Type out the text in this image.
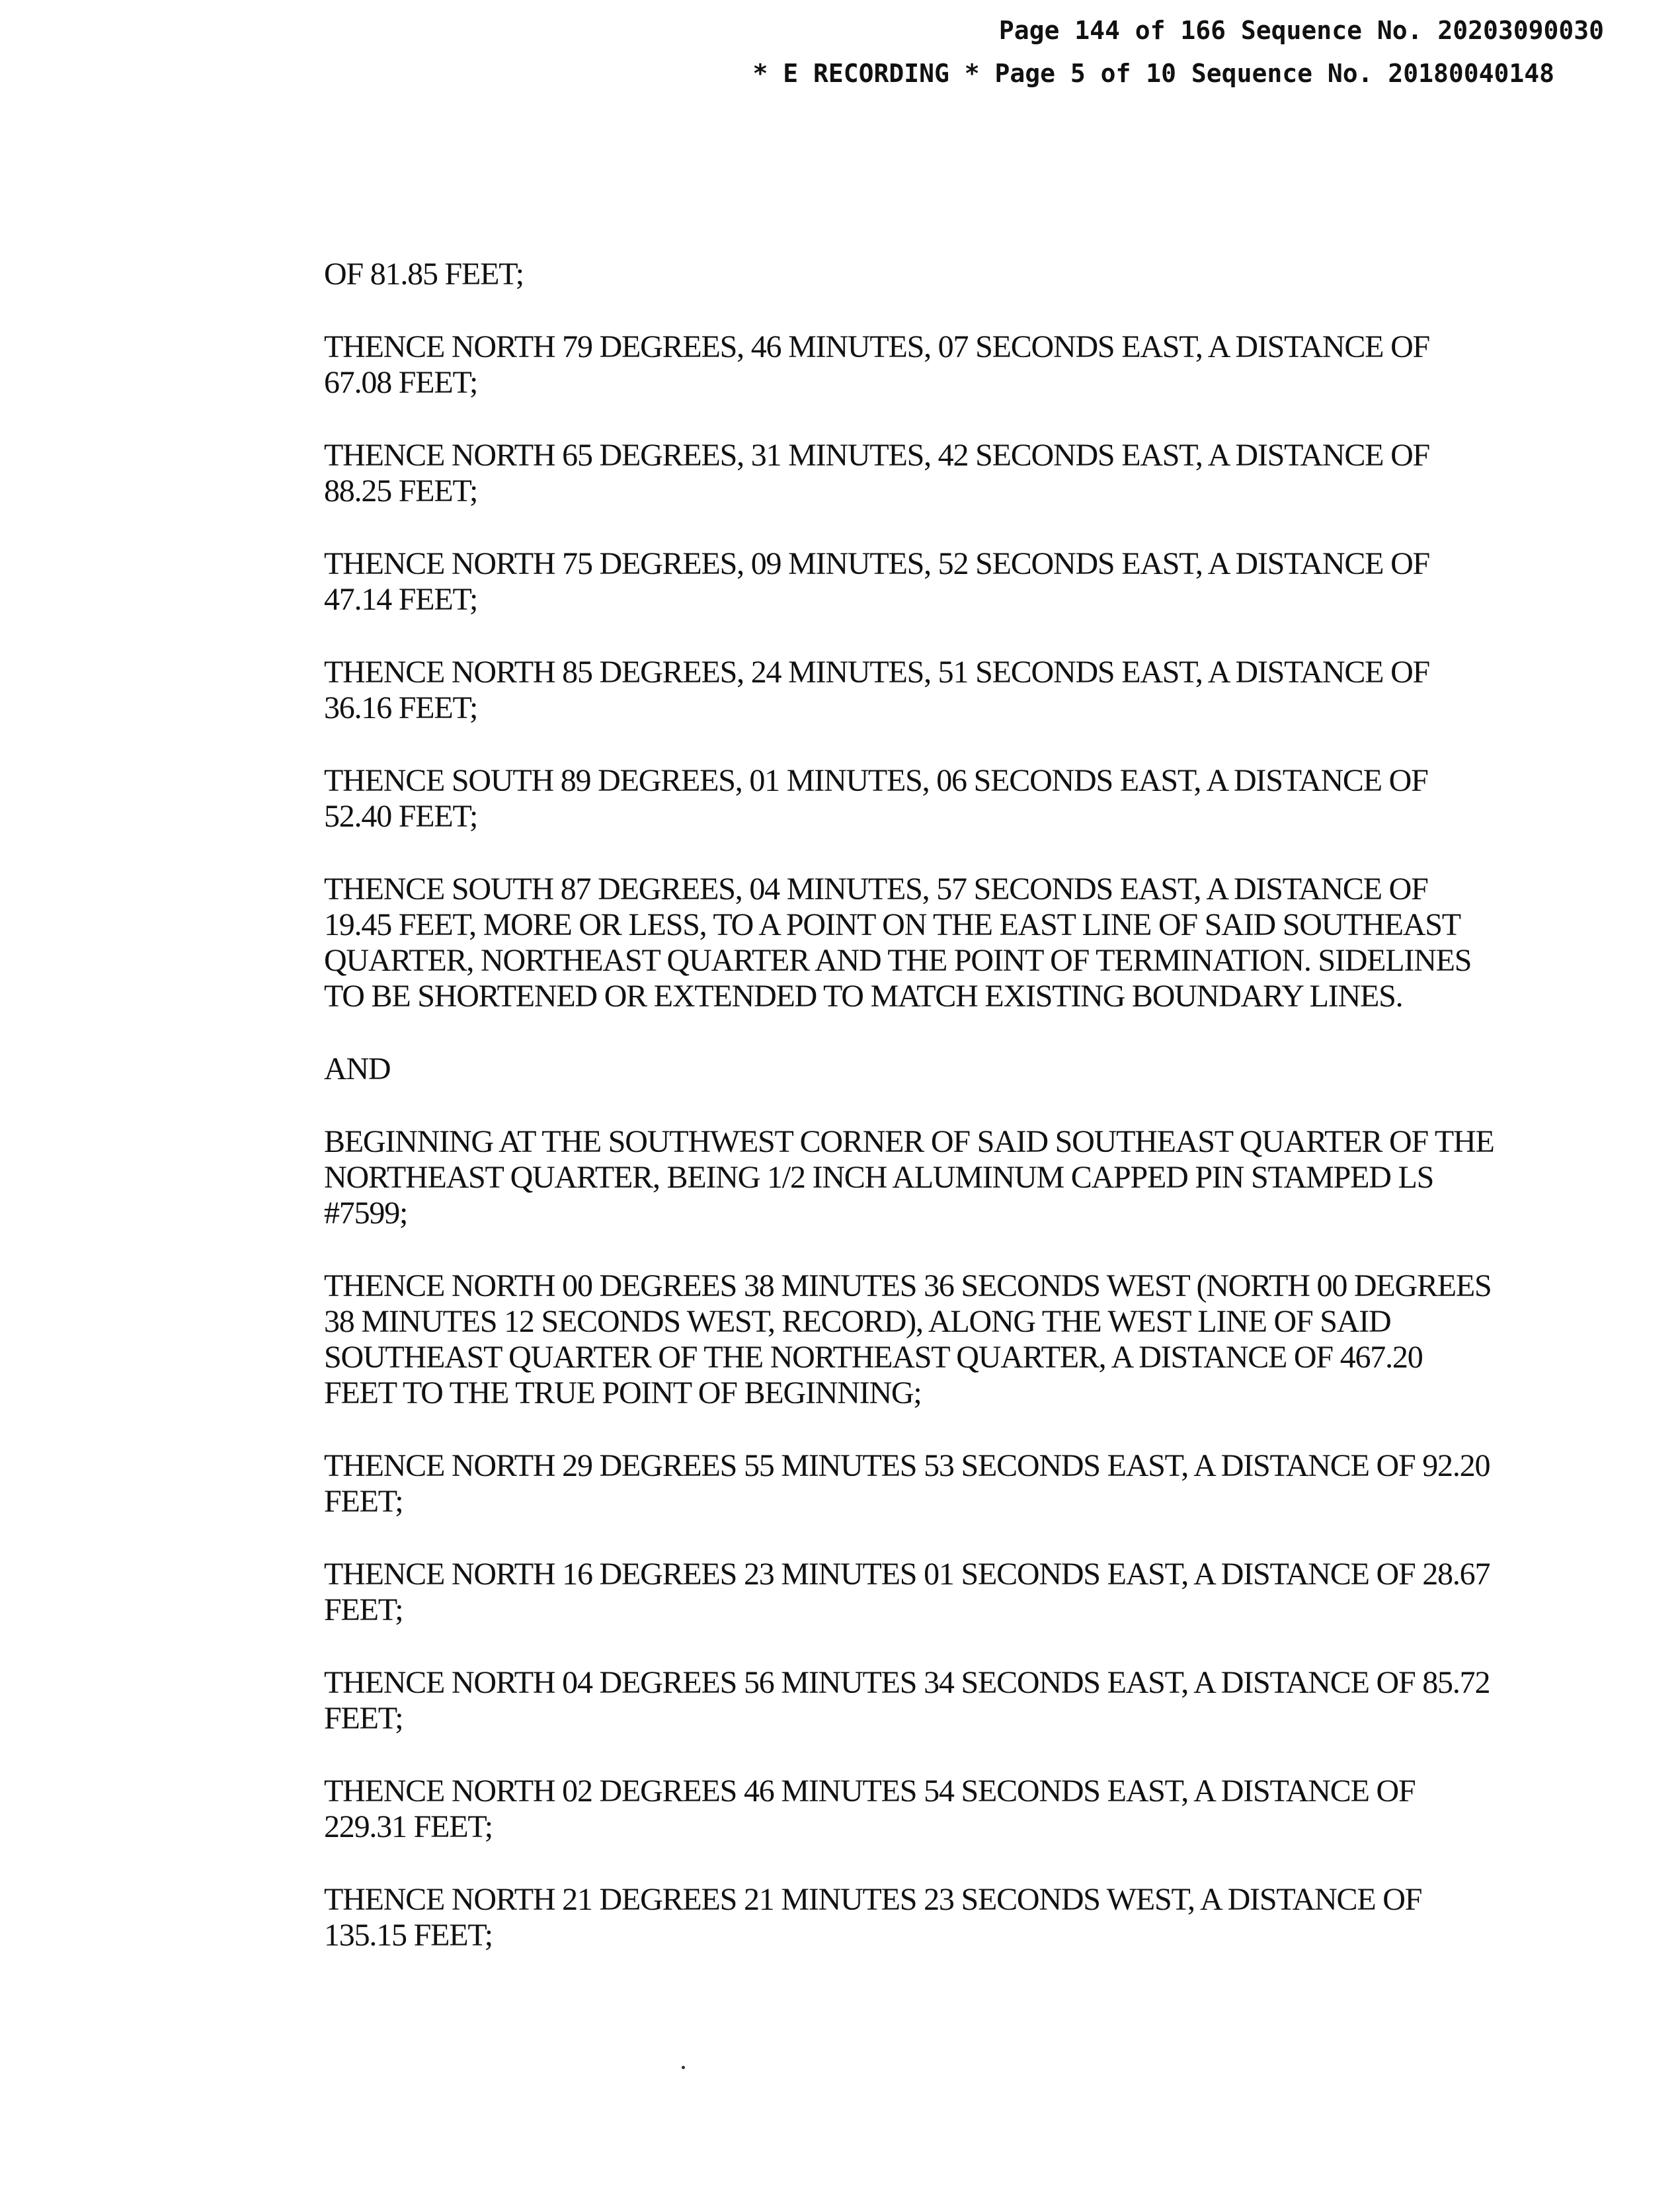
Page 144 of 166 Sequence No. 20203090030
* E RECORDING * Page 5 of 10 Sequence No. 20180040148

OF 81.85 FEET;

THENCE NORTH 79 DEGREES, 46 MINUTES, 07 SECONDS EAST, A DISTANCE OF 67.08 FEET;

THENCE NORTH 65 DEGREES, 31 MINUTES, 42 SECONDS EAST, A DISTANCE OF 88.25 FEET;

THENCE NORTH 75 DEGREES, 09 MINUTES, 52 SECONDS EAST, A DISTANCE OF 47.14 FEET;

THENCE NORTH 85 DEGREES, 24 MINUTES, 51 SECONDS EAST, A DISTANCE OF 36.16 FEET;

THENCE SOUTH 89 DEGREES, 01 MINUTES, 06 SECONDS EAST, A DISTANCE OF 52.40 FEET;

THENCE SOUTH 87 DEGREES, 04 MINUTES, 57 SECONDS EAST, A DISTANCE OF 19.45 FEET, MORE OR LESS, TO A POINT ON THE EAST LINE OF SAID SOUTHEAST QUARTER, NORTHEAST QUARTER AND THE POINT OF TERMINATION. SIDELINES TO BE SHORTENED OR EXTENDED TO MATCH EXISTING BOUNDARY LINES.

AND

BEGINNING AT THE SOUTHWEST CORNER OF SAID SOUTHEAST QUARTER OF THE NORTHEAST QUARTER, BEING 1/2 INCH ALUMINUM CAPPED PIN STAMPED LS #7599;

THENCE NORTH 00 DEGREES 38 MINUTES 36 SECONDS WEST (NORTH 00 DEGREES 38 MINUTES 12 SECONDS WEST, RECORD), ALONG THE WEST LINE OF SAID SOUTHEAST QUARTER OF THE NORTHEAST QUARTER, A DISTANCE OF 467.20 FEET TO THE TRUE POINT OF BEGINNING;

THENCE NORTH 29 DEGREES 55 MINUTES 53 SECONDS EAST, A DISTANCE OF 92.20 FEET;

THENCE NORTH 16 DEGREES 23 MINUTES 01 SECONDS EAST, A DISTANCE OF 28.67 FEET;

THENCE NORTH 04 DEGREES 56 MINUTES 34 SECONDS EAST, A DISTANCE OF 85.72 FEET;

THENCE NORTH 02 DEGREES 46 MINUTES 54 SECONDS EAST, A DISTANCE OF 229.31 FEET;

THENCE NORTH 21 DEGREES 21 MINUTES 23 SECONDS WEST, A DISTANCE OF 135.15 FEET;
